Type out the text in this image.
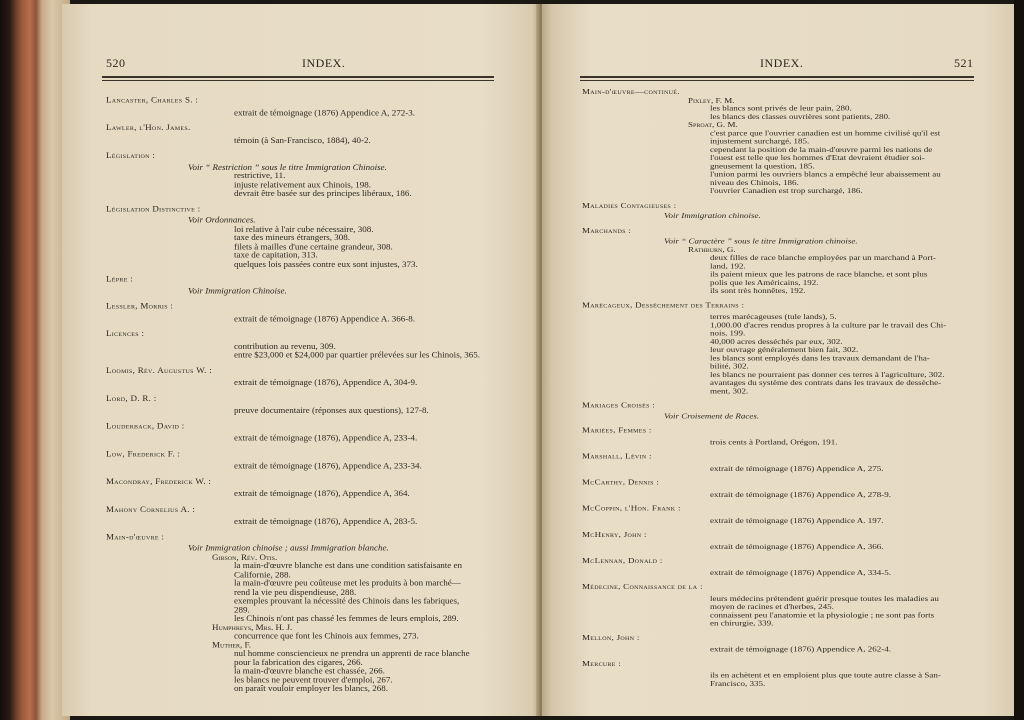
520	INDEX.
Lancaster, Charles S. :
extrait de témoignage (1876) Appendice A, 272-3.
Lawler, l'Hon. James.
témoin (à San-Francisco, 1884), 40-2.
Législation :
Voir “ Restriction ” sous le titre Immigration Chinoise.
restrictive, 11.
injuste relativement aux Chinois, 198.
devrait être basée sur des principes libéraux, 186.
Législation Distinctive :
Voir Ordonnances.
loi relative à l'air cube nécessaire, 308.
taxe des mineurs étrangers, 308.
filets à mailles d'une certaine grandeur, 308.
taxe de capitation, 313.
quelques lois passées contre eux sont injustes, 373.
Lèpre :
Voir Immigration Chinoise.
Lessler, Morris :
extrait de témoignage (1876) Appendice A. 366-8.
Licences :
contribution au revenu, 309.
entre $23,000 et $24,000 par quartier prélevées sur les Chinois, 365.
Loomis, Rév. Augustus W. :
extrait de témoignage (1876), Appendice A, 304-9.
Lord, D. R. :
preuve documentaire (réponses aux questions), 127-8.
Louderback, David :
extrait de témoignage (1876), Appendice A, 233-4.
Low, Frederick F. :
extrait de témoignage (1876), Appendice A, 233-34.
Macondray, Frederick W. :
extrait de témoignage (1876), Appendice A, 364.
Mahony Cornelius A. :
extrait de témoignage (1876), Appendice A, 283-5.
Main-d'œuvre :
Voir Immigration chinoise ; aussi Immigration blanche.
Gibson, Rév. Otis.
la main-d'œuvre blanche est dans une condition satisfaisante en
Californie, 288.
la main-d'œuvre peu coûteuse met les produits à bon marché—
rend la vie peu dispendieuse, 288.
exemples prouvant la nécessité des Chinois dans les fabriques,
289.
les Chinois n'ont pas chassé les femmes de leurs emplois, 289.
Humphreys, Mrs. H. J.
concurrence que font les Chinois aux femmes, 273.
Muther, F.
nul homme consciencieux ne prendra un apprenti de race blanche
pour la fabrication des cigares, 266.
la main-d'œuvre blanche est chassée, 266.
les blancs ne peuvent trouver d'emploi, 267.
on paraît vouloir employer les blancs, 268.
INDEX.	521
Main-d'œuvre—continué.
Pixley, F. M.
les blancs sont privés de leur pain, 280.
les blancs des classes ouvrières sont patients, 280.
Sproat, G. M.
c'est parce que l'ouvrier canadien est un homme civilisé qu'il est
injustement surchargé, 185.
cependant la position de la main-d'œuvre parmi les nations de
l'ouest est telle que les hommes d'Etat devraient étudier soi-
gneusement la question, 185.
l'union parmi les ouvriers blancs a empêché leur abaissement au
niveau des Chinois, 186.
l'ouvrier Canadien est trop surchargé, 186.
Maladies Contagieuses :
Voir Immigration chinoise.
Marchands :
Voir “ Caractère ” sous le titre Immigration chinoise.
Rathburn, G.
deux filles de race blanche employées par un marchand à Port-
land, 192.
ils paient mieux que les patrons de race blanche, et sont plus
polis que les Américains, 192.
ils sont très honnêtes, 192.
Marécageux, Desséchement des Terrains :
terres marécageuses (tule lands), 5.
1,000.00 d'acres rendus propres à la culture par le travail des Chi-
nois, 199.
40,000 acres desséchés par eux, 302.
leur ouvrage généralement bien fait, 302.
les blancs sont employés dans les travaux demandant de l'ha-
bilité, 302.
les blancs ne pourraient pas donner ces terres à l'agriculture, 302.
avantages du système des contrats dans les travaux de dessèche-
ment, 302.
Mariages Croisés :
Voir Croisement de Races.
Mariées, Femmes :
trois cents à Portland, Orégon, 191.
Marshall, Lévin :
extrait de témoignage (1876) Appendice A, 275.
McCarthy, Dennis :
extrait de témoignage (1876) Appendice A, 278-9.
McCoppin, l'Hon. Frank :
extrait de témoignage (1876) Appendice A. 197.
McHenry, John :
extrait de témoignage (1876) Appendice A, 366.
McLennan, Donald :
extrait de témoignage (1876) Appendice A, 334-5.
Médecine, Connaissance de la :
leurs médecins prétendent guérir presque toutes les maladies au
moyen de racines et d'herbes, 245.
connaissent peu l'anatomie et la physiologie ; ne sont pas forts
en chirurgie, 339.
Mellon, John :
extrait de témoignage (1876) Appendice A, 262-4.
Mercure :
ils en achètent et en emploient plus que toute autre classe à San-
Francisco, 335.
